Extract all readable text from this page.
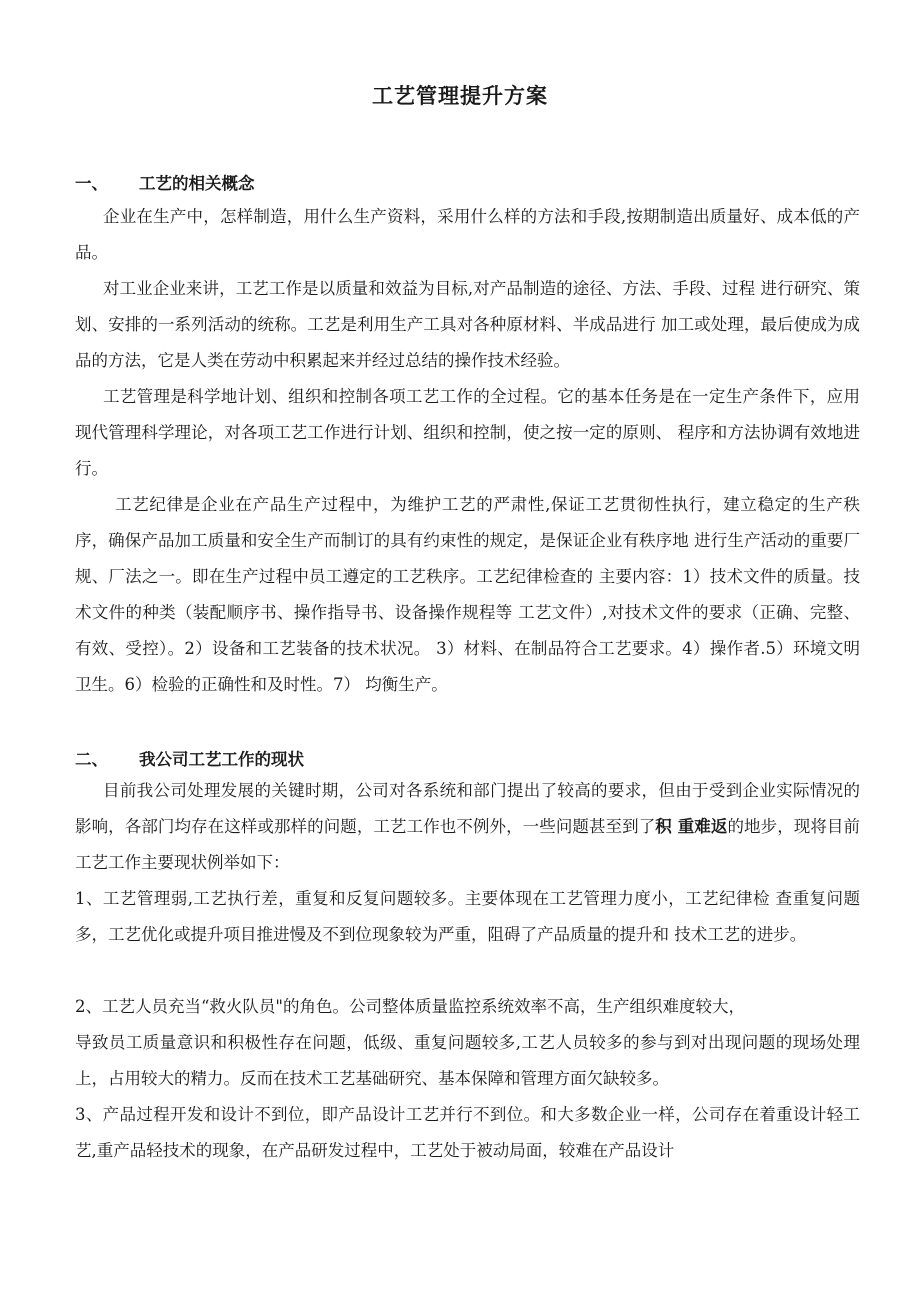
工艺管理提升方案
一、 工艺的相关概念

企业在生产中，怎样制造，用什么生产资料，采用什么样的方法和手段,按期制造出质量好、成本低的产品。

对工业企业来讲，工艺工作是以质量和效益为目标,对产品制造的途径、方法、手段、过程 进行研究、策划、安排的一系列活动的统称。工艺是利用生产工具对各种原材料、半成品进行 加工或处理，最后使成为成品的方法，它是人类在劳动中积累起来并经过总结的操作技术经验。

工艺管理是科学地计划、组织和控制各项工艺工作的全过程。它的基本任务是在一定生产条件下，应用现代管理科学理论，对各项工艺工作进行计划、组织和控制，使之按一定的原则、 程序和方法协调有效地进行。

工艺纪律是企业在产品生产过程中，为维护工艺的严肃性,保证工艺贯彻性执行，建立稳定的生产秩序，确保产品加工质量和安全生产而制订的具有约束性的规定，是保证企业有秩序地 进行生产活动的重要厂规、厂法之一。即在生产过程中员工遵定的工艺秩序。工艺纪律检查的 主要内容：1）技术文件的质量。技术文件的种类（装配顺序书、操作指导书、设备操作规程等 工艺文件）,对技术文件的要求（正确、完整、有效、受控）。2）设备和工艺装备的技术状况。 3）材料、在制品符合工艺要求。4）操作者.5）环境文明卫生。6）检验的正确性和及时性。7） 均衡生产。

二、 我公司工艺工作的现状

目前我公司处理发展的关键时期，公司对各系统和部门提出了较高的要求，但由于受到企业实际情况的影响，各部门均存在这样或那样的问题，工艺工作也不例外，一些问题甚至到了积 重难返的地步，现将目前工艺工作主要现状例举如下：

1、工艺管理弱,工艺执行差，重复和反复问题较多。主要体现在工艺管理力度小，工艺纪律检 查重复问题多，工艺优化或提升项目推进慢及不到位现象较为严重，阻碍了产品质量的提升和 技术工艺的进步。

2、工艺人员充当“救火队员"的角色。公司整体质量监控系统效率不高，生产组织难度较大，
导致员工质量意识和积极性存在问题，低级、重复问题较多,工艺人员较多的参与到对出现问题的现场处理上，占用较大的精力。反而在技术工艺基础研究、基本保障和管理方面欠缺较多。

3、产品过程开发和设计不到位，即产品设计工艺并行不到位。和大多数企业一样，公司存在着重设计轻工艺,重产品轻技术的现象，在产品研发过程中，工艺处于被动局面，较难在产品设计
